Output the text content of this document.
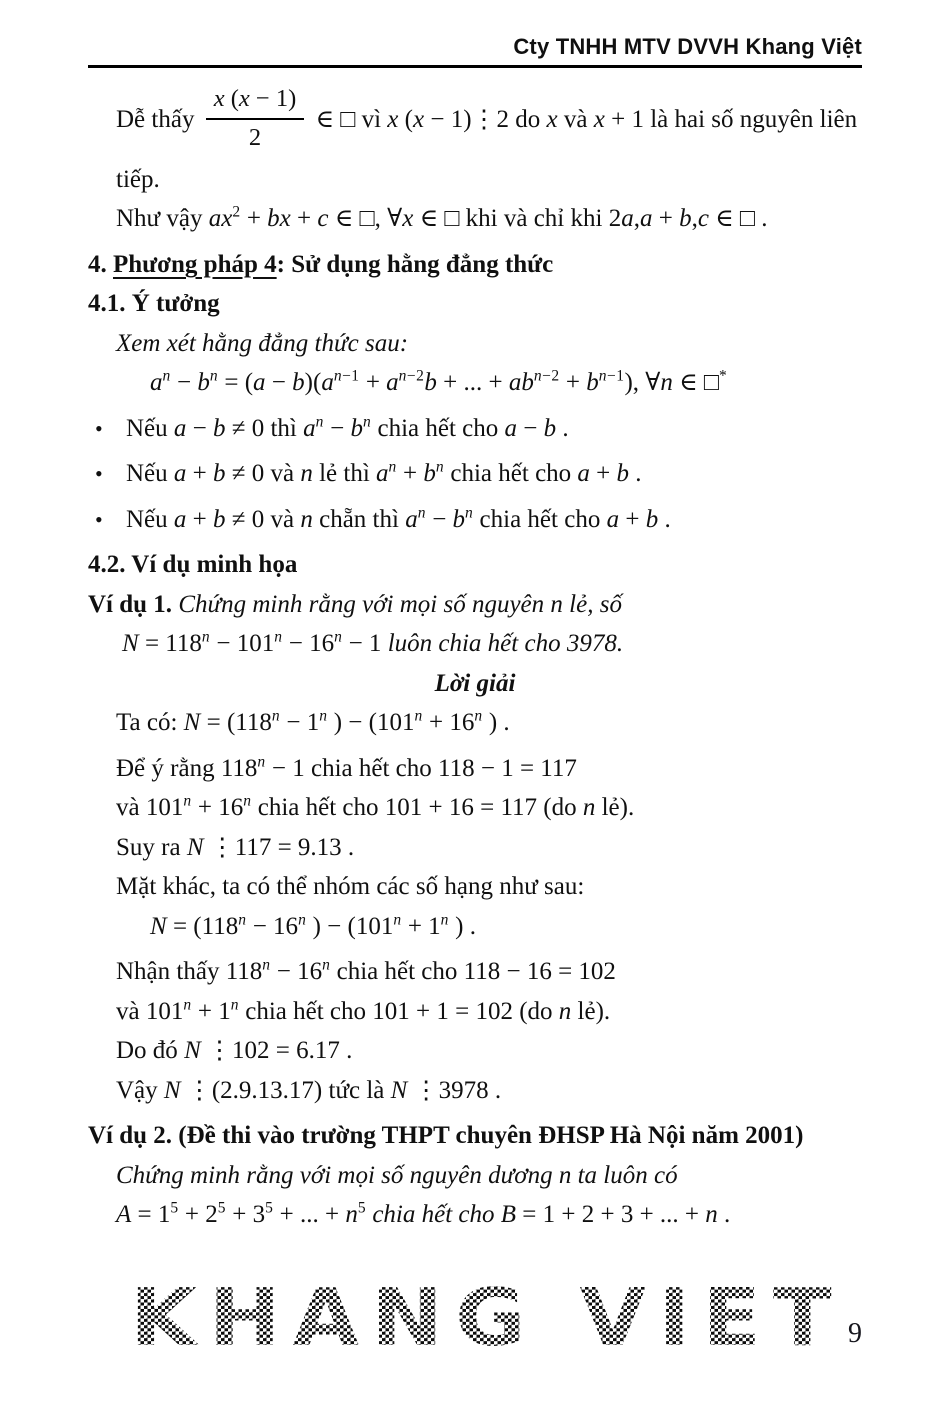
Cty TNHH MTV DVVH Khang Việt
Dễ thấy $\frac{x (x - 1)}{2}$ ∈ □ vì x (x − 1)⋮2 do x và x + 1 là hai số nguyên liên
tiếp.
Như vậy $ax^2$ + bx + c ∈ □, ∀x ∈ □ khi và chỉ khi 2a,a + b,c ∈ □ .
4. Phương pháp 4: Sử dụng hằng đẳng thức
4.1. Ý tưởng
Xem xét hằng đẳng thức sau:
$a^n - b^n = (a - b)(a^{n-1} + a^{n-2}b$ + ... + $ab^{n-2} + b^{n-1}$), ∀n ∈ □*
• Nếu a − b ≠ 0 thì $a^n - b^n$ chia hết cho a − b .
• Nếu a + b ≠ 0 và n lẻ thì $a^n + b^n$ chia hết cho a + b .
• Nếu a + b ≠ 0 và n chẵn thì $a^n - b^n$ chia hết cho a + b .
4.2. Ví dụ minh họa
Ví dụ 1. Chứng minh rằng với mọi số nguyên n lẻ, số
$N = 118^n - 101^n - 16^n - 1$ luôn chia hết cho 3978.
Lời giải
Ta có: $N = (118^n - 1^n$ ) − ($101^n + 16^n$ ) .
Để ý rằng $118^n - 1$ chia hết cho 118 − 1 = 117
và $101^n + 16^n$ chia hết cho 101 + 16 = 117 (do n lẻ).
Suy ra N ⋮117 = 9.13 .
Mặt khác, ta có thể nhóm các số hạng như sau:
$N = (118^n - 16^n$ ) − ($101^n + 1^n$ ) .
Nhận thấy $118^n - 16^n$ chia hết cho 118 − 16 = 102
và $101^n + 1^n$ chia hết cho 101 + 1 = 102 (do n lẻ).
Do đó N ⋮102 = 6.17 .
Vậy N ⋮(2.9.13.17) tức là N ⋮3978 .
Ví dụ 2. (Đề thi vào trường THPT chuyên ĐHSP Hà Nội năm 2001)
Chứng minh rằng với mọi số nguyên dương n ta luôn có
$A = 1^5 + 2^5 + 3^5$ + ... + $n^5$ chia hết cho B = 1 + 2 + 3 + ... + n .
KHANG VIET 9
